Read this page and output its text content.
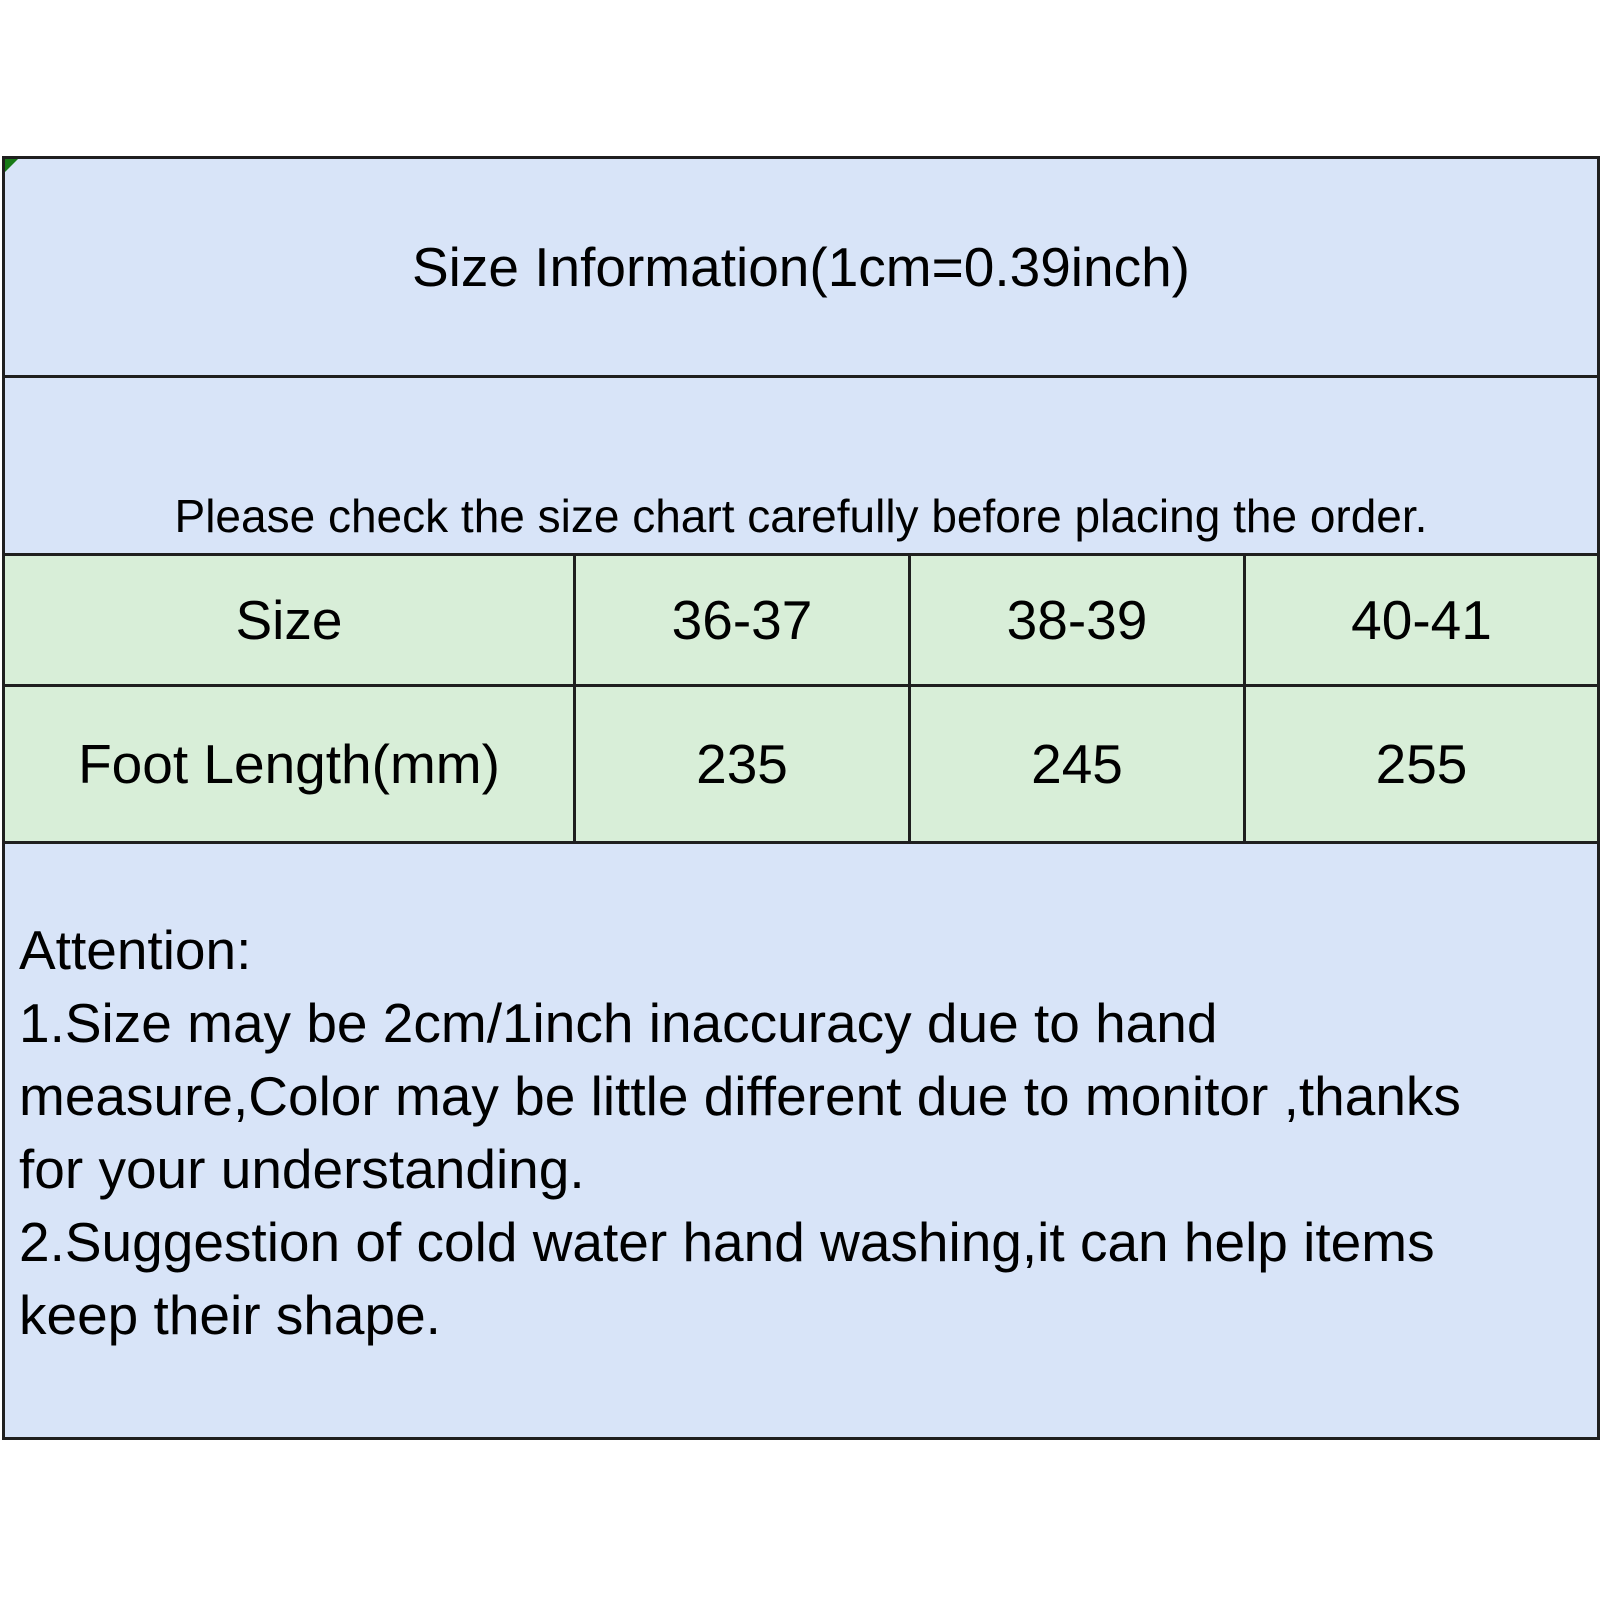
Size Information(1cm=0.39inch)
Please check the size chart carefully before placing the order.
Size	36-37	38-39	40-41
Foot Length(mm)	235	245	255
Attention:
1.Size may be 2cm/1inch inaccuracy due to hand
measure,Color may be little different due to monitor ,thanks
for your understanding.
2.Suggestion of cold water hand washing,it can help items
keep their shape.
